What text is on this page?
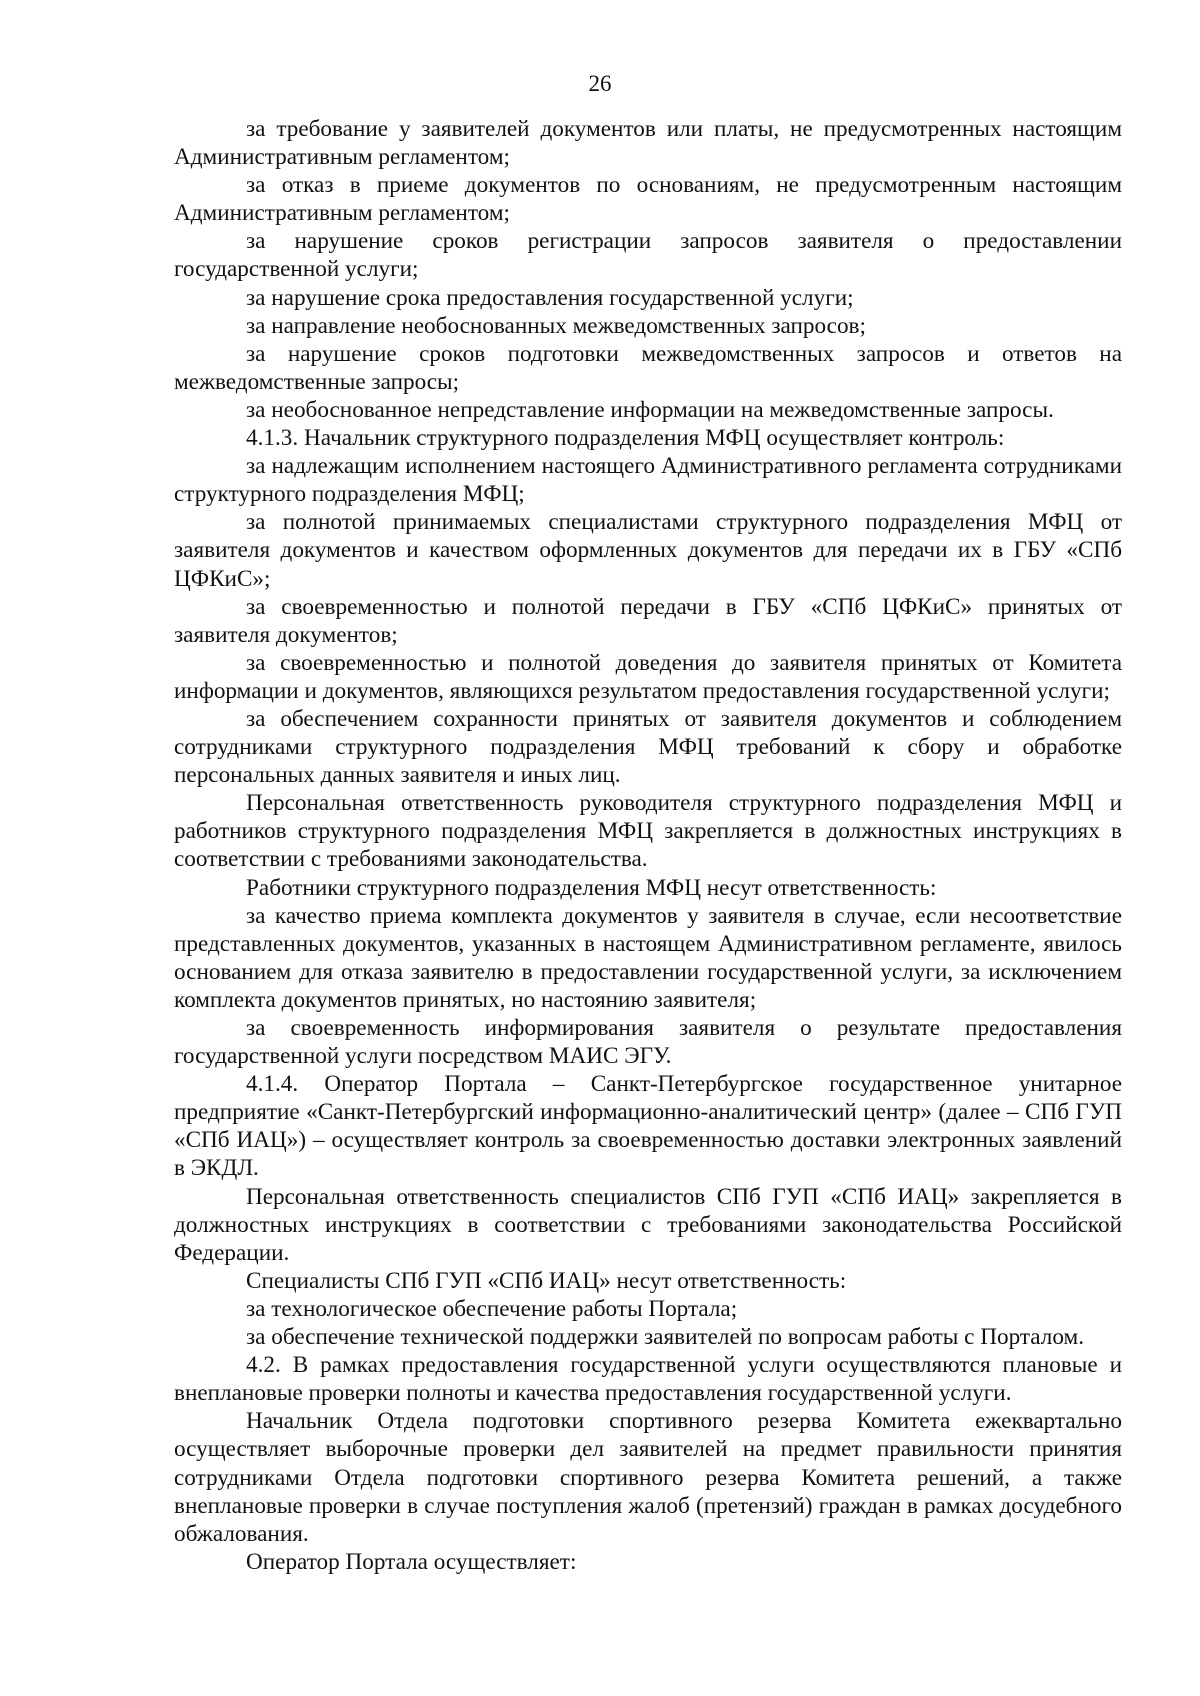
26

за требование у заявителей документов или платы, не предусмотренных настоящим Административным регламентом;

за отказ в приеме документов по основаниям, не предусмотренным настоящим Административным регламентом;

за нарушение сроков регистрации запросов заявителя о предоставлении государственной услуги;

за нарушение срока предоставления государственной услуги;

за направление необоснованных межведомственных запросов;

за нарушение сроков подготовки межведомственных запросов и ответов на межведомственные запросы;

за необоснованное непредставление информации на межведомственные запросы.

4.1.3. Начальник структурного подразделения МФЦ осуществляет контроль:

за надлежащим исполнением настоящего Административного регламента сотрудниками структурного подразделения МФЦ;

за полнотой принимаемых специалистами структурного подразделения МФЦ от заявителя документов и качеством оформленных документов для передачи их в ГБУ «СПб ЦФКиС»;

за своевременностью и полнотой передачи в ГБУ «СПб ЦФКиС» принятых от заявителя документов;

за своевременностью и полнотой доведения до заявителя принятых от Комитета информации и документов, являющихся результатом предоставления государственной услуги;

за обеспечением сохранности принятых от заявителя документов и соблюдением сотрудниками структурного подразделения МФЦ требований к сбору и обработке персональных данных заявителя и иных лиц.

Персональная ответственность руководителя структурного подразделения МФЦ и работников структурного подразделения МФЦ закрепляется в должностных инструкциях в соответствии с требованиями законодательства.

Работники структурного подразделения МФЦ несут ответственность:

за качество приема комплекта документов у заявителя в случае, если несоответствие представленных документов, указанных в настоящем Административном регламенте, явилось основанием для отказа заявителю в предоставлении государственной услуги, за исключением комплекта документов принятых, но настоянию заявителя;

за своевременность информирования заявителя о результате предоставления государственной услуги посредством МАИС ЭГУ.

4.1.4. Оператор Портала – Санкт-Петербургское государственное унитарное предприятие «Санкт-Петербургский информационно-аналитический центр» (далее – СПб ГУП «СПб ИАЦ») – осуществляет контроль за своевременностью доставки электронных заявлений в ЭКДЛ.

Персональная ответственность специалистов СПб ГУП «СПб ИАЦ» закрепляется в должностных инструкциях в соответствии с требованиями законодательства Российской Федерации.

Специалисты СПб ГУП «СПб ИАЦ» несут ответственность:

за технологическое обеспечение работы Портала;

за обеспечение технической поддержки заявителей по вопросам работы с Порталом.

4.2. В рамках предоставления государственной услуги осуществляются плановые и внеплановые проверки полноты и качества предоставления государственной услуги.

Начальник Отдела подготовки спортивного резерва Комитета ежеквартально осуществляет выборочные проверки дел заявителей на предмет правильности принятия сотрудниками Отдела подготовки спортивного резерва Комитета решений, а также внеплановые проверки в случае поступления жалоб (претензий) граждан в рамках досудебного обжалования.

Оператор Портала осуществляет:
